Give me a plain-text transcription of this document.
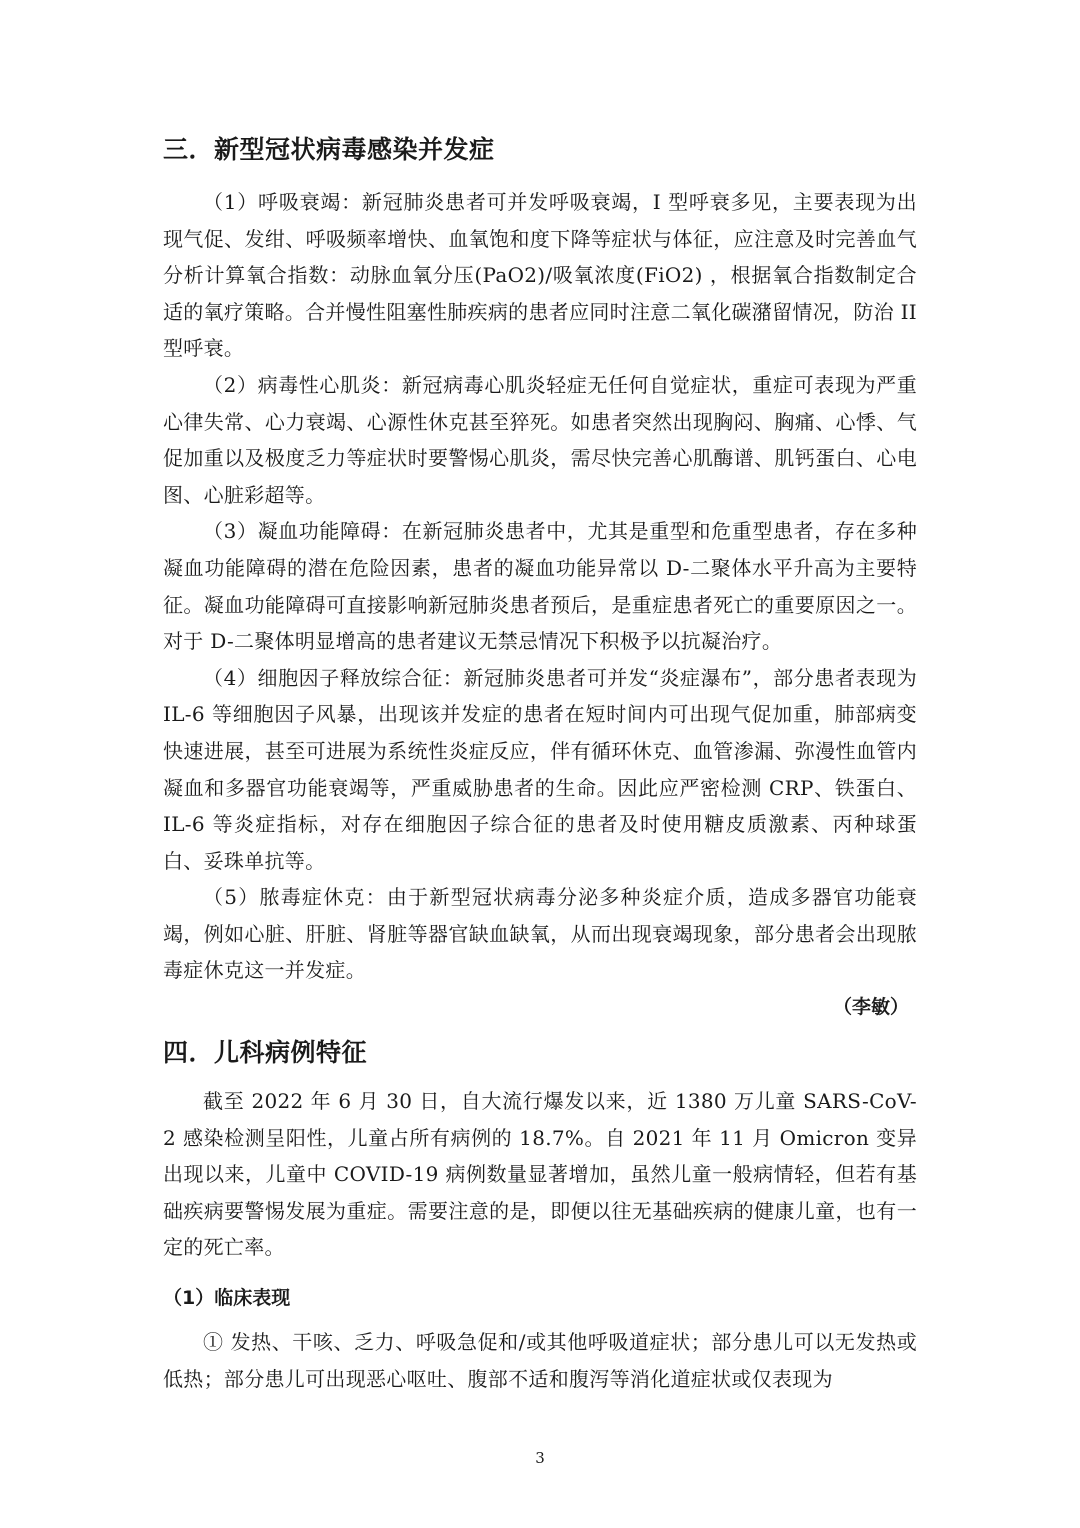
三．新型冠状病毒感染并发症

（1）呼吸衰竭：新冠肺炎患者可并发呼吸衰竭，I 型呼衰多见，主要表现为出现气促、发绀、呼吸频率增快、血氧饱和度下降等症状与体征，应注意及时完善血气分析计算氧合指数：动脉血氧分压(PaO2)/吸氧浓度(FiO2) ，根据氧合指数制定合适的氧疗策略。合并慢性阻塞性肺疾病的患者应同时注意二氧化碳潴留情况，防治 II 型呼衰。

（2）病毒性心肌炎：新冠病毒心肌炎轻症无任何自觉症状，重症可表现为严重心律失常、心力衰竭、心源性休克甚至猝死。如患者突然出现胸闷、胸痛、心悸、气促加重以及极度乏力等症状时要警惕心肌炎，需尽快完善心肌酶谱、肌钙蛋白、心电图、心脏彩超等。

（3）凝血功能障碍：在新冠肺炎患者中，尤其是重型和危重型患者，存在多种凝血功能障碍的潜在危险因素，患者的凝血功能异常以 D-二聚体水平升高为主要特征。凝血功能障碍可直接影响新冠肺炎患者预后，是重症患者死亡的重要原因之一。对于 D-二聚体明显增高的患者建议无禁忌情况下积极予以抗凝治疗。

（4）细胞因子释放综合征：新冠肺炎患者可并发“炎症瀑布”，部分患者表现为 IL-6 等细胞因子风暴，出现该并发症的患者在短时间内可出现气促加重，肺部病变快速进展，甚至可进展为系统性炎症反应，伴有循环休克、血管渗漏、弥漫性血管内凝血和多器官功能衰竭等，严重威胁患者的生命。因此应严密检测 CRP、铁蛋白、IL-6 等炎症指标，对存在细胞因子综合征的患者及时使用糖皮质激素、丙种球蛋白、妥珠单抗等。

（5）脓毒症休克：由于新型冠状病毒分泌多种炎症介质，造成多器官功能衰竭，例如心脏、肝脏、肾脏等器官缺血缺氧，从而出现衰竭现象，部分患者会出现脓毒症休克这一并发症。

（李敏）

四．儿科病例特征

截至 2022 年 6 月 30 日，自大流行爆发以来，近 1380 万儿童 SARS-CoV-2 感染检测呈阳性，儿童占所有病例的 18.7%。自 2021 年 11 月 Omicron 变异出现以来，儿童中 COVID-19 病例数量显著增加，虽然儿童一般病情轻，但若有基础疾病要警惕发展为重症。需要注意的是，即便以往无基础疾病的健康儿童，也有一定的死亡率。

（1）临床表现

① 发热、干咳、乏力、呼吸急促和/或其他呼吸道症状；部分患儿可以无发热或低热；部分患儿可出现恶心呕吐、腹部不适和腹泻等消化道症状或仅表现为

3
